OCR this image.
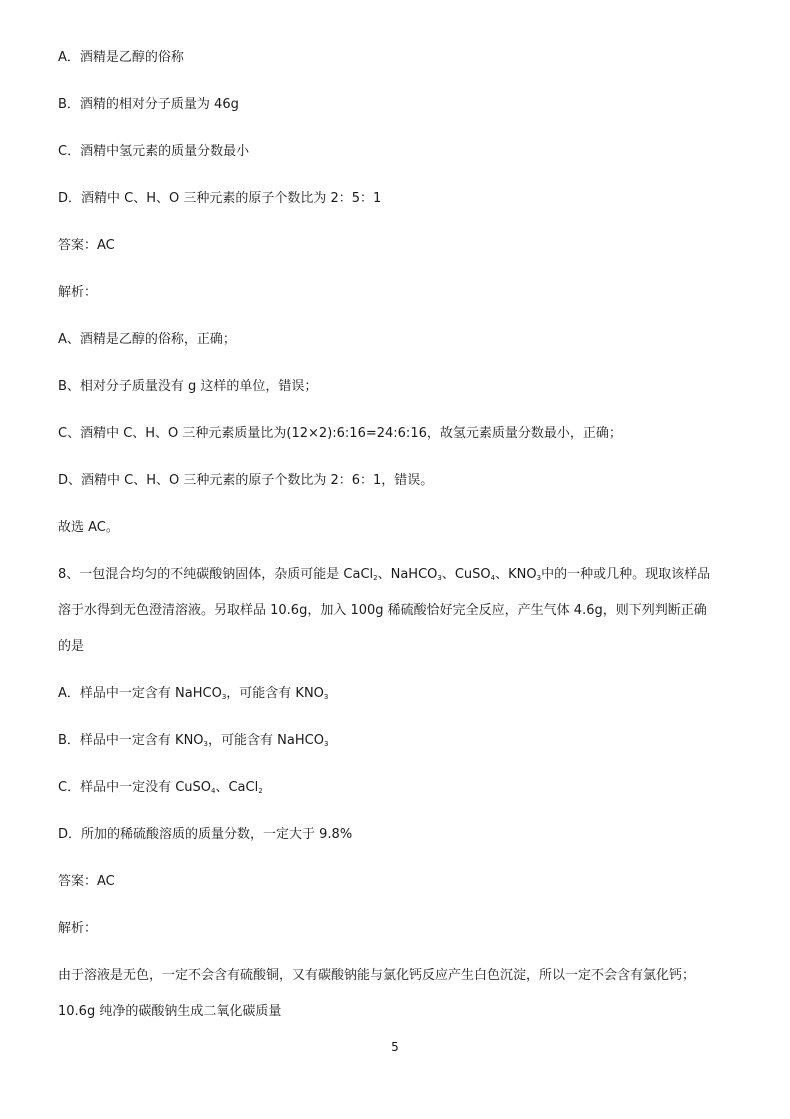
A．酒精是乙醇的俗称
B．酒精的相对分子质量为 46g
C．酒精中氢元素的质量分数最小
D．酒精中 C、H、O 三种元素的原子个数比为 2：5：1
答案：AC
解析：
A、酒精是乙醇的俗称，正确；
B、相对分子质量没有 g 这样的单位，错误；
C、酒精中 C、H、O 三种元素质量比为(12×2):6:16=24:6:16，故氢元素质量分数最小，正确；
D、酒精中 C、H、O 三种元素的原子个数比为 2：6：1，错误。
故选 AC。
8、一包混合均匀的不纯碳酸钠固体，杂质可能是 CaCl$_2$、NaHCO$_3$、CuSO$_4$、$KNO_3$中的一种或几种。现取该样品
溶于水得到无色澄清溶液。另取样品 10.6g，加入 100g 稀硫酸恰好完全反应，产生气体 4.6g，则下列判断正确
的是
A．样品中一定含有 NaHCO$_3$，可能含有 $KNO_3$
B．样品中一定含有 $KNO_3$，可能含有 NaHCO$_3$
C．样品中一定没有 CuSO$_4$、CaCl$_2$
D．所加的稀硫酸溶质的质量分数，一定大于 9.8%
答案：AC
解析：
由于溶液是无色，一定不会含有硫酸铜，又有碳酸钠能与氯化钙反应产生白色沉淀，所以一定不会含有氯化钙；
10.6g 纯净的碳酸钠生成二氧化碳质量
5
